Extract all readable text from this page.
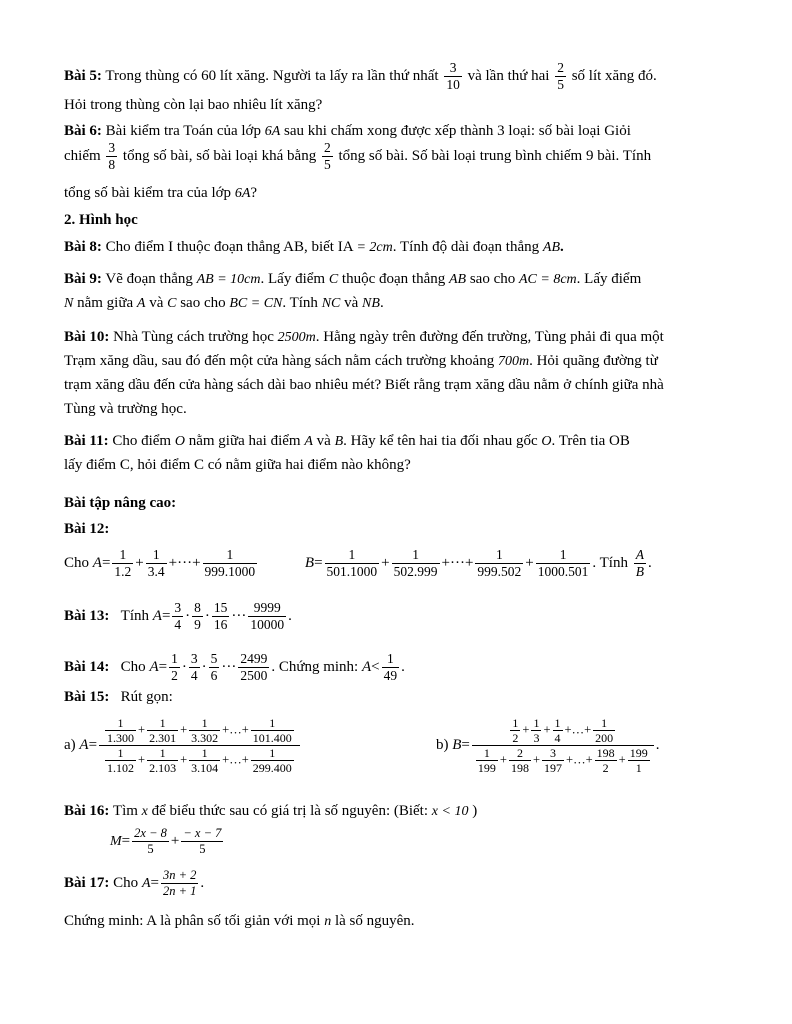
Bài 5: Trong thùng có 60 lít xăng. Người ta lấy ra lần thứ nhất $\frac{3}{10}$ và lần thứ hai $\frac{2}{5}$ số lít xăng đó.
Hỏi trong thùng còn lại bao nhiêu lít xăng?
Bài 6: Bài kiểm tra Toán của lớp 6A sau khi chấm xong được xếp thành 3 loại: số bài loại Giỏi
chiếm $\frac{3}{8}$ tổng số bài, số bài loại khá bằng $\frac{2}{5}$ tổng số bài. Số bài loại trung bình chiếm 9 bài. Tính
tổng số bài kiểm tra của lớp 6A?
2. Hình học
Bài 8: Cho điểm I thuộc đoạn thẳng AB, biết IA = 2cm. Tính độ dài đoạn thẳng AB.
Bài 9: Vẽ đoạn thẳng AB = 10cm. Lấy điểm C thuộc đoạn thẳng AB sao cho AC = 8cm. Lấy điểm
N nằm giữa A và C sao cho BC = CN. Tính NC và NB.
Bài 10: Nhà Tùng cách trường học 2500m. Hằng ngày trên đường đến trường, Tùng phải đi qua một
Trạm xăng dầu, sau đó đến một cửa hàng sách nằm cách trường khoảng 700m. Hỏi quãng đường từ
trạm xăng dầu đến cửa hàng sách dài bao nhiêu mét? Biết rằng trạm xăng dầu nằm ở chính giữa nhà
Tùng và trường học.
Bài 11: Cho điểm O nằm giữa hai điểm A và B. Hãy kể tên hai tia đối nhau gốc O. Trên tia OB
lấy điểm C, hỏi điểm C có nằm giữa hai điểm nào không?
Bài tập nâng cao:
Bài 12:
Cho $A= \frac{1}{1.2} + \frac{1}{3.4}$ +···+ $\frac{1}{999.1000}$	$B= \frac{1}{501.1000} + \frac{1}{502.999}$ +···+ $\frac{1}{999.502} + \frac{1}{1000.501}$ . Tính $\frac{A}{B}$ .
Bài 13: Tính $A= \frac{3}{4} \cdot \frac{8}{9} \cdot \frac{15}{16}$ ··· $\frac{9999}{10000}$ .
Bài 14: Cho $A= \frac{1}{2} \cdot \frac{3}{4} \cdot \frac{5}{6}$ ··· $\frac{2499}{2500}$ . Chứng minh: $A< \frac{1}{49}$ .
Bài 15: Rút gọn:
a) $A= \frac{\frac{1}{1.300} + \frac{1}{2.301} + \frac{1}{3.302} +\dots+ \frac{1}{101.400}}{\frac{1}{1.102} + \frac{1}{2.103} + \frac{1}{3.104} +\dots+ \frac{1}{299.400}}$	b) $B= \frac{\frac{1}{2} + \frac{1}{3} + \frac{1}{4} +\dots+ \frac{1}{200}}{\frac{1}{199} + \frac{2}{198} + \frac{3}{197} +\dots+ \frac{198}{2} + \frac{199}{1}}$ .
Bài 16: Tìm x để biểu thức sau có giá trị là số nguyên: (Biết: x < 10 )
$M= \frac{2x - 8}{5} + \frac{- x - 7}{5}$
Bài 17: Cho $A= \frac{3n + 2}{2n + 1}$ .
Chứng minh: A là phân số tối giản với mọi n là số nguyên.
